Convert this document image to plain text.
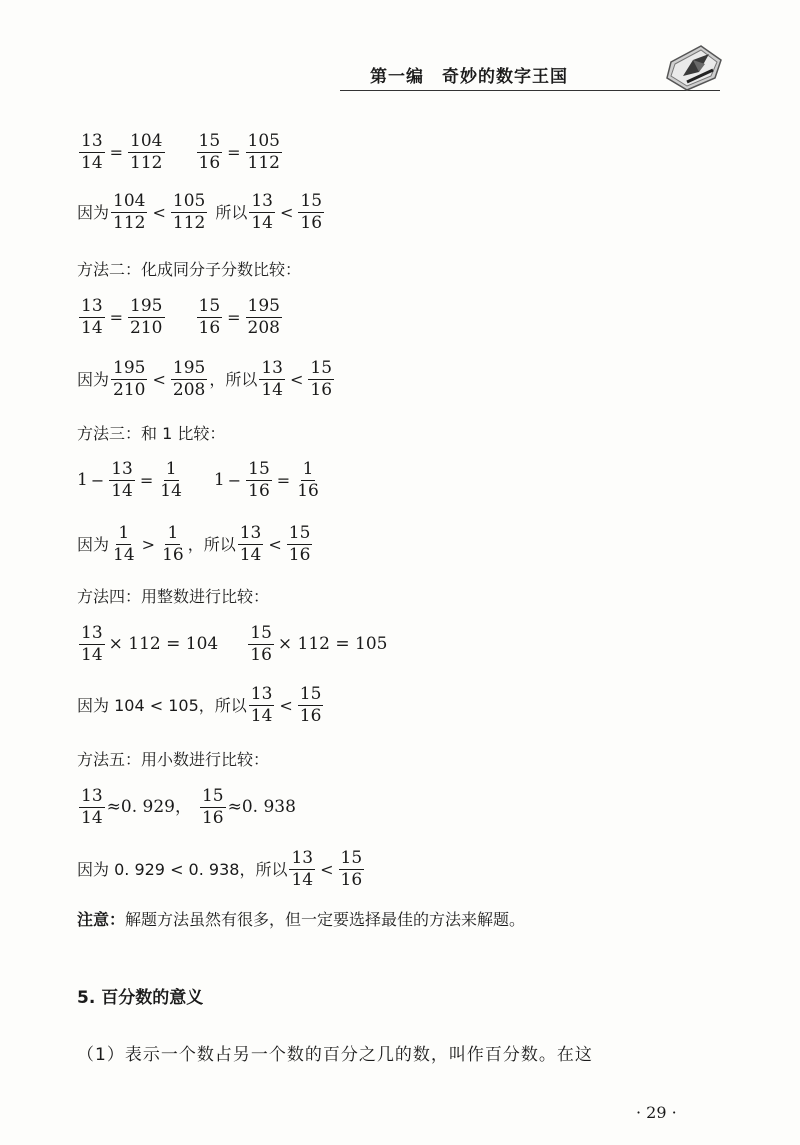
第一编　奇妙的数字王国
$\frac{13}{14} = \frac{104}{112} \frac{15}{16} = \frac{105}{112}$
因为 $\frac{104}{112} < \frac{105}{112}$ 所以 $\frac{13}{14} < \frac{15}{16}$
方法二：化成同分子分数比较：
$\frac{13}{14} = \frac{195}{210} \frac{15}{16} = \frac{195}{208}$
因为 $\frac{195}{210} < \frac{195}{208}$ ，所以 $\frac{13}{14} < \frac{15}{16}$
方法三：和 1 比较：
$1 - \frac{13}{14} = \frac{1}{14} 1 - \frac{15}{16} = \frac{1}{16}$
因为 $\frac{1}{14} > \frac{1}{16}$ ，所以 $\frac{13}{14} < \frac{15}{16}$
方法四：用整数进行比较：
$\frac{13}{14} \times 112 = 104 \frac{15}{16} \times 112 = 105$
因为 104 < 105，所以 $\frac{13}{14} < \frac{15}{16}$
方法五：用小数进行比较：
$\frac{13}{14} \approx 0$. 929， $\frac{15}{16} \approx 0$. 938
因为 0. 929 < 0. 938，所以 $\frac{13}{14} < \frac{15}{16}$
注意： 解题方法虽然有很多，但一定要选择最佳的方法来解题。
5. 百分数的意义
（1）表示一个数占另一个数的百分之几的数，叫作百分数。在这
· 29 ·
